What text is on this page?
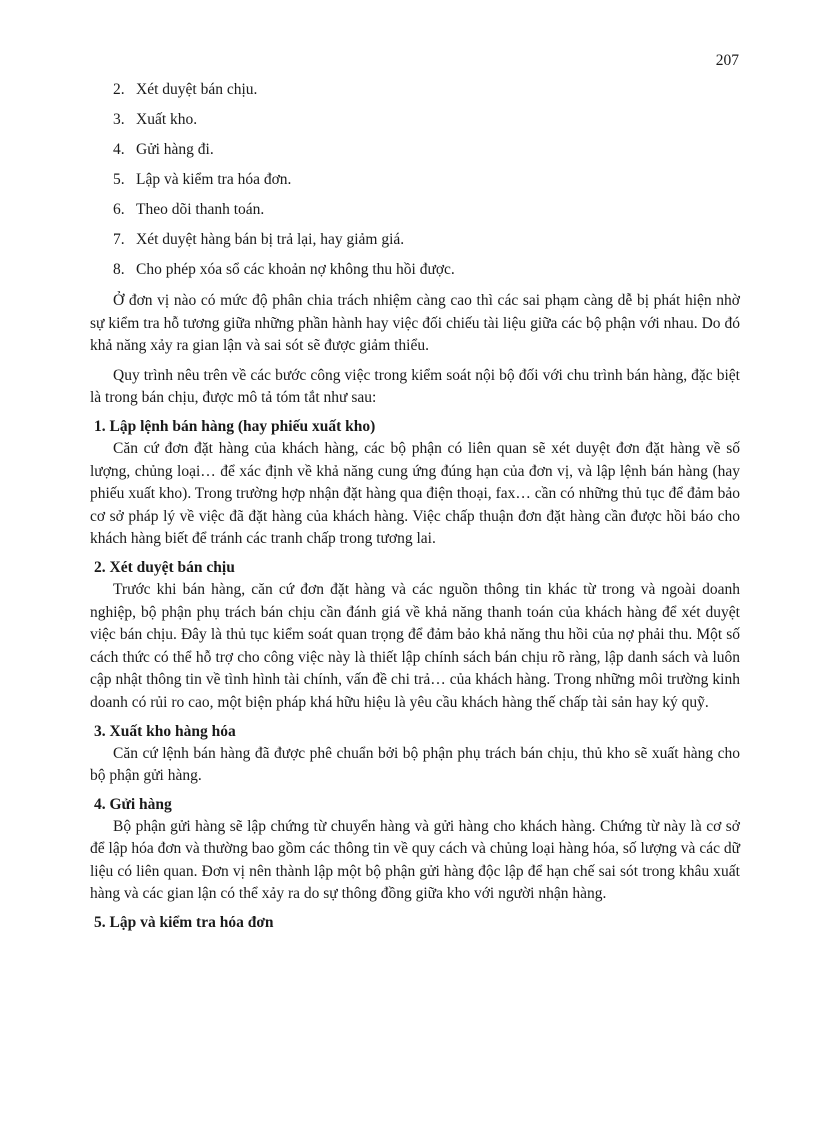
207
2. Xét duyệt bán chịu.
3. Xuất kho.
4. Gửi hàng đi.
5. Lập và kiểm tra hóa đơn.
6. Theo dõi thanh toán.
7. Xét duyệt hàng bán bị trả lại, hay giảm giá.
8. Cho phép xóa sổ các khoản nợ không thu hồi được.

Ở đơn vị nào có mức độ phân chia trách nhiệm càng cao thì các sai phạm càng dễ bị phát hiện nhờ sự kiểm tra hỗ tương giữa những phần hành hay việc đối chiếu tài liệu giữa các bộ phận với nhau. Do đó khả năng xảy ra gian lận và sai sót sẽ được giảm thiểu.

Quy trình nêu trên về các bước công việc trong kiểm soát nội bộ đối với chu trình bán hàng, đặc biệt là trong bán chịu, được mô tả tóm tắt như sau:

1. Lập lệnh bán hàng (hay phiếu xuất kho)

Căn cứ đơn đặt hàng của khách hàng, các bộ phận có liên quan sẽ xét duyệt đơn đặt hàng về số lượng, chủng loại… để xác định về khả năng cung ứng đúng hạn của đơn vị, và lập lệnh bán hàng (hay phiếu xuất kho). Trong trường hợp nhận đặt hàng qua điện thoại, fax… cần có những thủ tục để đảm bảo cơ sở pháp lý về việc đã đặt hàng của khách hàng. Việc chấp thuận đơn đặt hàng cần được hồi báo cho khách hàng biết để tránh các tranh chấp trong tương lai.

2. Xét duyệt bán chịu

Trước khi bán hàng, căn cứ đơn đặt hàng và các nguồn thông tin khác từ trong và ngoài doanh nghiệp, bộ phận phụ trách bán chịu cần đánh giá về khả năng thanh toán của khách hàng để xét duyệt việc bán chịu. Đây là thủ tục kiểm soát quan trọng để đảm bảo khả năng thu hồi của nợ phải thu. Một số cách thức có thể hỗ trợ cho công việc này là thiết lập chính sách bán chịu rõ ràng, lập danh sách và luôn cập nhật thông tin về tình hình tài chính, vấn đề chi trả… của khách hàng. Trong những môi trường kinh doanh có rủi ro cao, một biện pháp khá hữu hiệu là yêu cầu khách hàng thế chấp tài sản hay ký quỹ.

3. Xuất kho hàng hóa

Căn cứ lệnh bán hàng đã được phê chuẩn bởi bộ phận phụ trách bán chịu, thủ kho sẽ xuất hàng cho bộ phận gửi hàng.

4. Gửi hàng

Bộ phận gửi hàng sẽ lập chứng từ chuyển hàng và gửi hàng cho khách hàng. Chứng từ này là cơ sở để lập hóa đơn và thường bao gồm các thông tin về quy cách và chủng loại hàng hóa, số lượng và các dữ liệu có liên quan. Đơn vị nên thành lập một bộ phận gửi hàng độc lập để hạn chế sai sót trong khâu xuất hàng và các gian lận có thể xảy ra do sự thông đồng giữa kho với người nhận hàng.

5. Lập và kiểm tra hóa đơn
